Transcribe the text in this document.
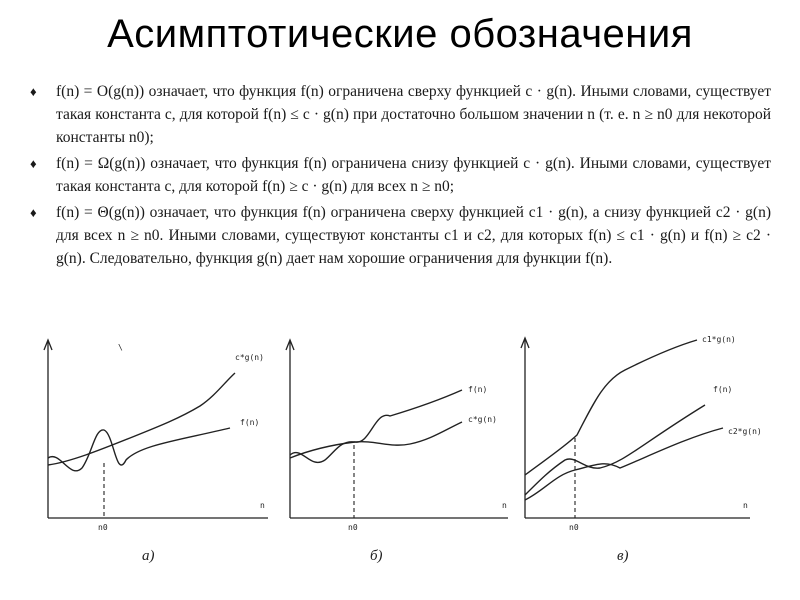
Асимптотические обозначения
♦ f(n) = O(g(n)) означает, что функция f(n) ограничена сверху функцией c · g(n). Иными словами, существует такая константа c, для которой f(n) ≤ c · g(n) при достаточно большом значении n (т. е. n ≥ n0 для некоторой константы n0);
♦ f(n) = Ω(g(n)) означает, что функция f(n) ограничена снизу функцией c · g(n). Иными словами, существует такая константа c, для которой f(n) ≥ c · g(n) для всех n ≥ n0;
♦ f(n) = Θ(g(n)) означает, что функция f(n) ограничена сверху функцией c1 · g(n), а снизу функцией c2 · g(n) для всех n ≥ n0. Иными словами, существуют константы c1 и c2, для которых f(n) ≤ c1 · g(n) и f(n) ≥ c2 · g(n). Следовательно, функция g(n) дает нам хорошие ограничения для функции f(n).
c*g(n)
f(n)
\
n0
n
а)
f(n)
c*g(n)
n0
n
б)
c1*g(n)
f(n)
c2*g(n)
n0
n
в)
